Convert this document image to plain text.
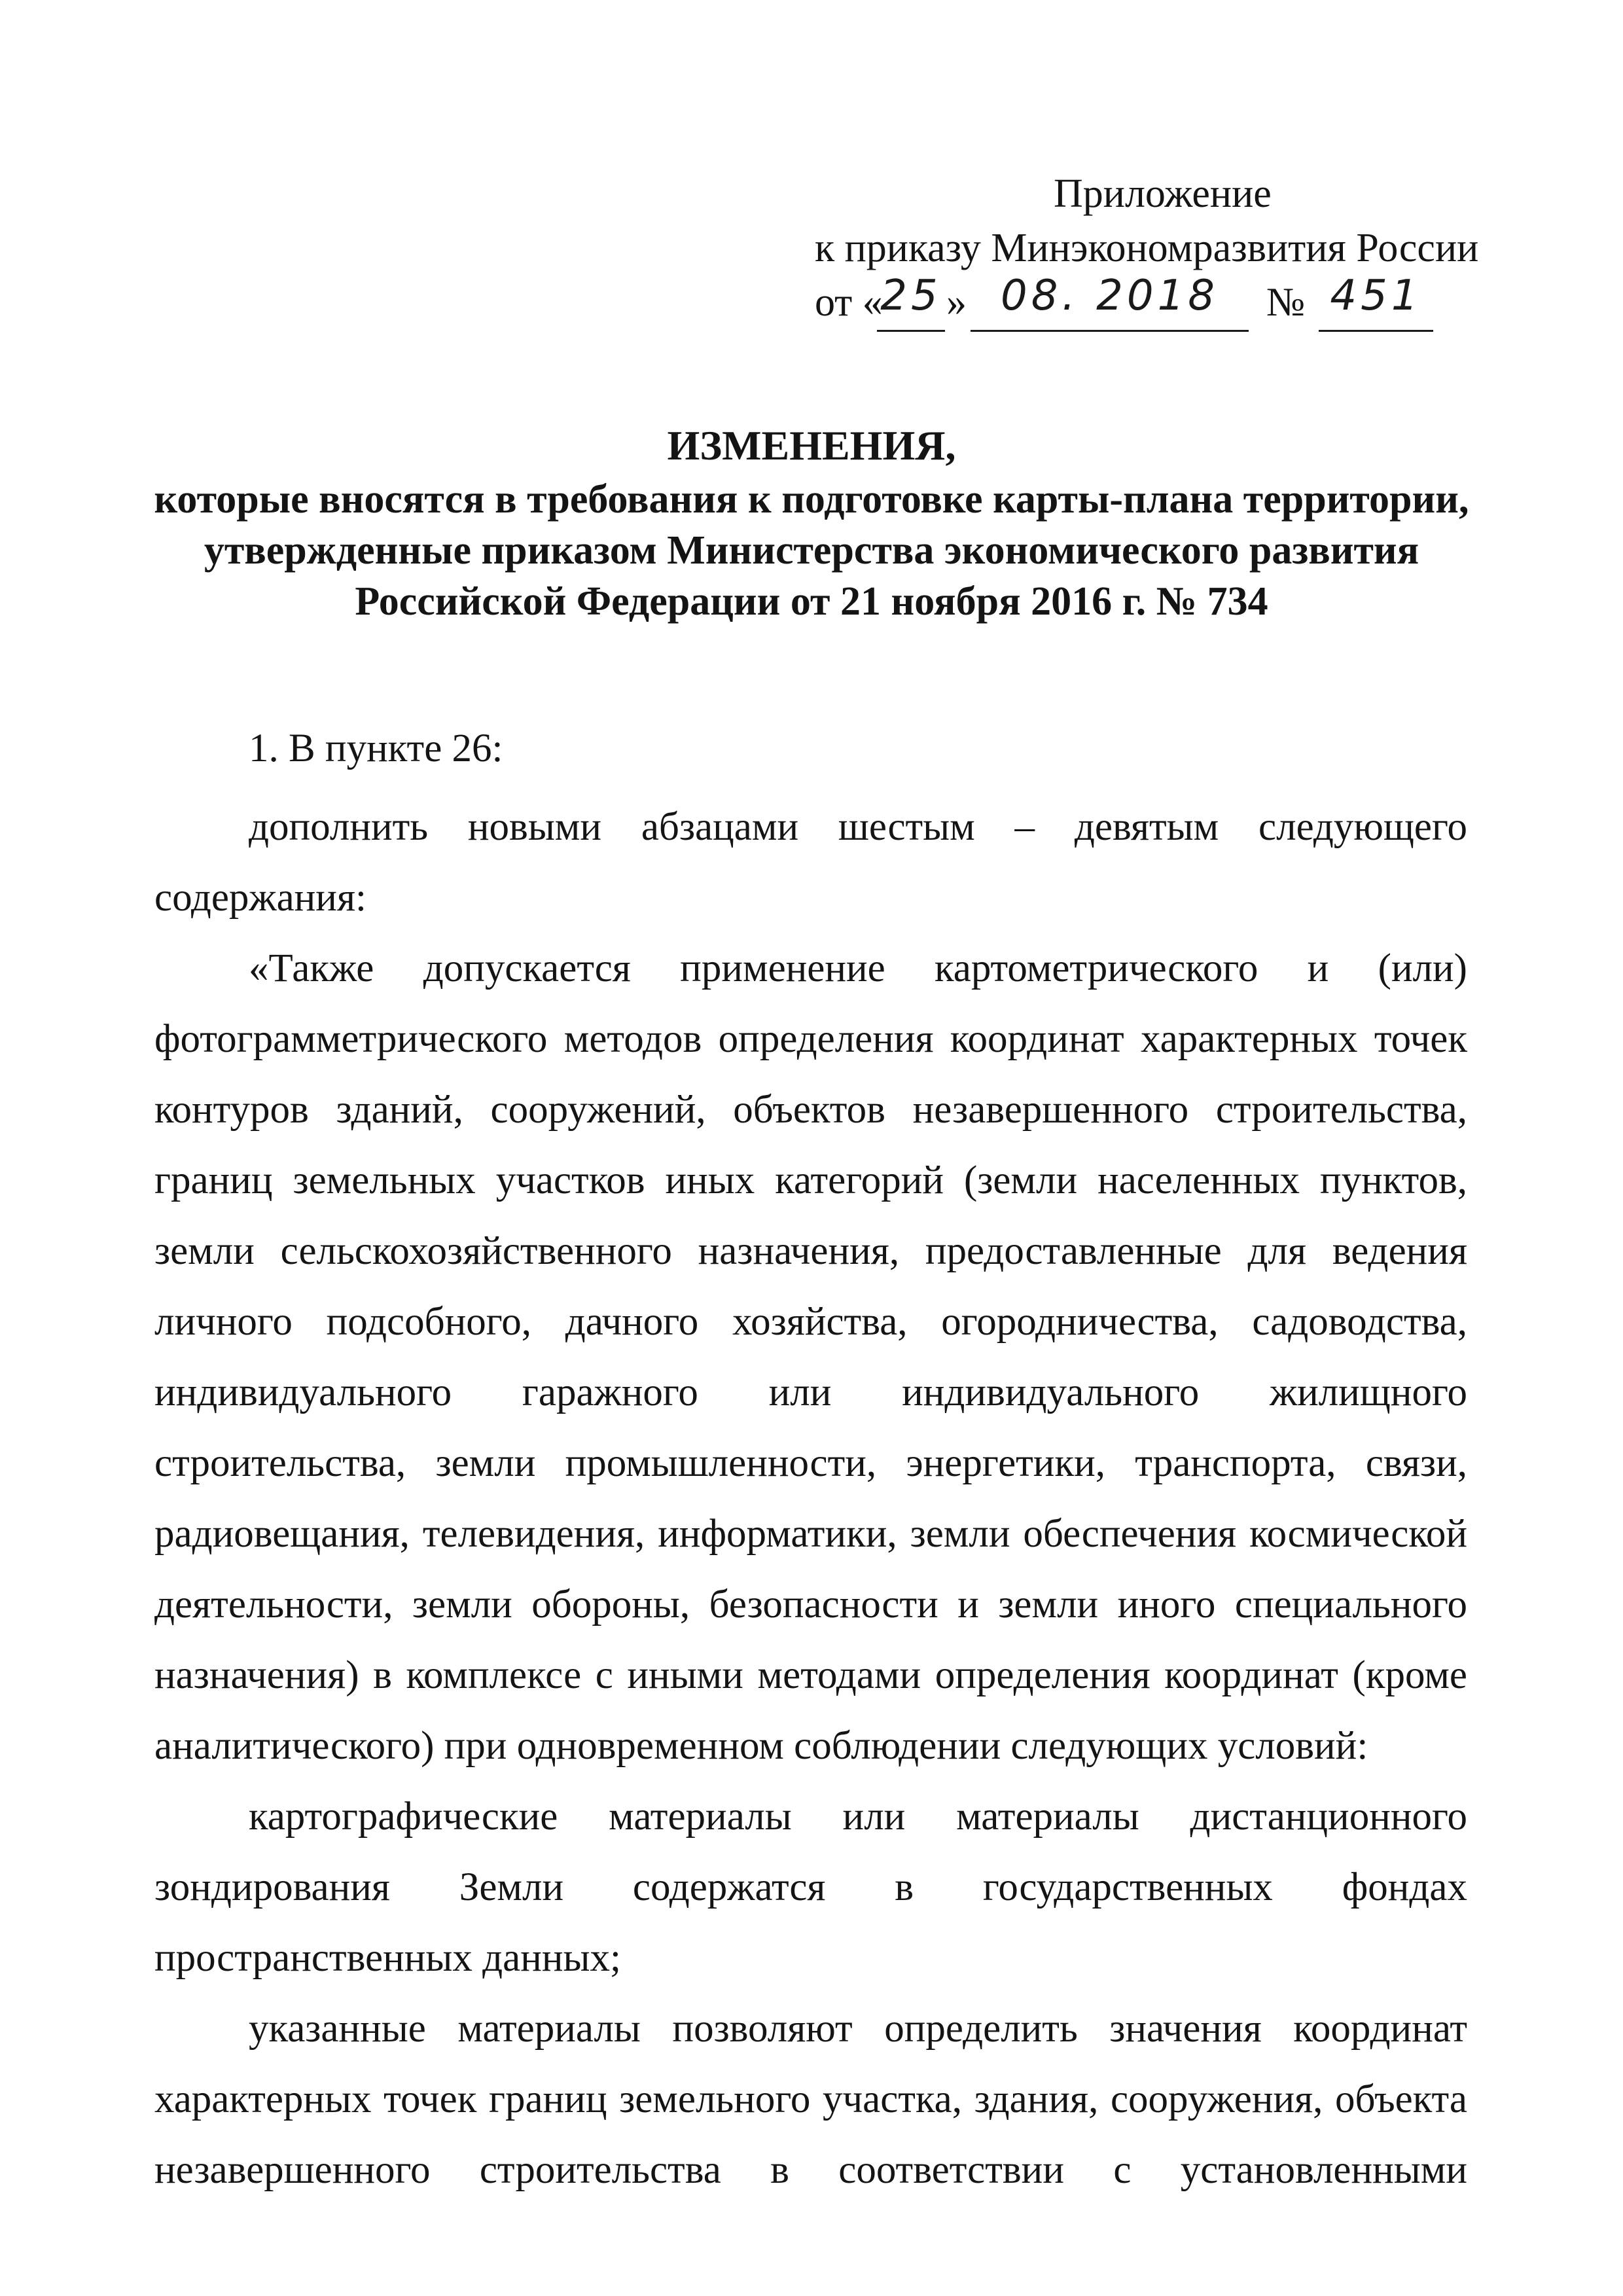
Приложение
к приказу Минэкономразвития России
от «
25 » 08. 2018	№ 451
ИЗМЕНЕНИЯ,
которые вносятся в требования к подготовке карты-плана территории,
утвержденные приказом Министерства экономического развития
Российской Федерации от 21 ноября 2016 г. № 734

1. В пункте 26:

дополнить новыми абзацами шестым – девятым следующего содержания:

«Также допускается применение картометрического и (или) фотограмметрического методов определения координат характерных точек контуров зданий, сооружений, объектов незавершенного строительства, границ земельных участков иных категорий (земли населенных пунктов, земли сельскохозяйственного назначения, предоставленные для ведения личного подсобного, дачного хозяйства, огородничества, садоводства, индивидуального гаражного или индивидуального жилищного строительства, земли промышленности, энергетики, транспорта, связи, радиовещания, телевидения, информатики, земли обеспечения космической деятельности, земли обороны, безопасности и земли иного специального назначения) в комплексе с иными методами определения координат (кроме аналитического) при одновременном соблюдении следующих условий:

картографические материалы или материалы дистанционного зондирования Земли содержатся в государственных фондах пространственных данных;

указанные материалы позволяют определить значения координат характерных точек границ земельного участка, здания, сооружения, объекта незавершенного строительства в соответствии с установленными
